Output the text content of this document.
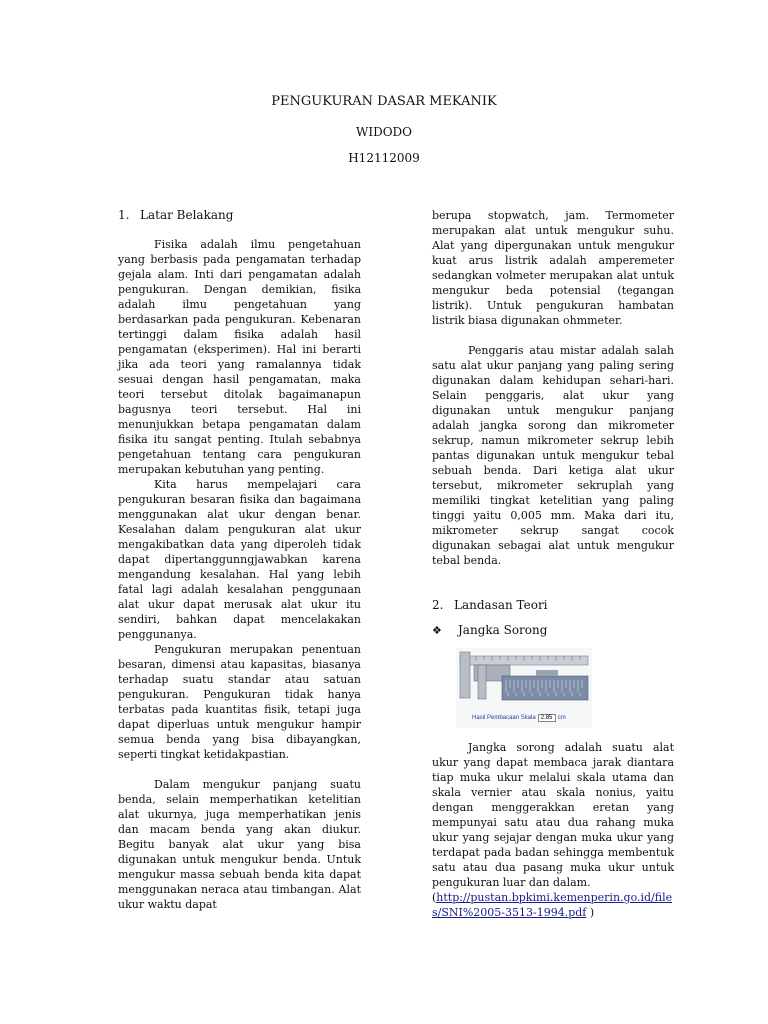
PENGUKURAN DASAR MEKANIK
WIDODO
H12112009
1. Latar Belakang

Fisika adalah ilmu pengetahuan yang berbasis pada pengamatan terhadap gejala alam. Inti dari pengamatan adalah pengukuran. Dengan demikian, fisika adalah ilmu pengetahuan yang berdasarkan pada pengukuran. Kebenaran tertinggi dalam fisika adalah hasil pengamatan (eksperimen). Hal ini berarti jika ada teori yang ramalannya tidak sesuai dengan hasil pengamatan, maka teori tersebut ditolak bagaimanapun bagusnya teori tersebut. Hal ini menunjukkan betapa pengamatan dalam fisika itu sangat penting. Itulah sebabnya pengetahuan tentang cara pengukuran merupakan kebutuhan yang penting.

Kita harus mempelajari cara pengukuran besaran fisika dan bagaimana menggunakan alat ukur dengan benar. Kesalahan dalam pengukuran alat ukur mengakibatkan data yang diperoleh tidak dapat dipertanggunngjawabkan karena mengandung kesalahan. Hal yang lebih fatal lagi adalah kesalahan penggunaan alat ukur dapat merusak alat ukur itu sendiri, bahkan dapat mencelakakan penggunanya.

Pengukuran merupakan penentuan besaran, dimensi atau kapasitas, biasanya terhadap suatu standar atau satuan pengukuran. Pengukuran tidak hanya terbatas pada kuantitas fisik, tetapi juga dapat diperluas untuk mengukur hampir semua benda yang bisa dibayangkan, seperti tingkat ketidakpastian.

Dalam mengukur panjang suatu benda, selain memperhatikan ketelitian alat ukurnya, juga memperhatikan jenis dan macam benda yang akan diukur. Begitu banyak alat ukur yang bisa digunakan untuk mengukur benda. Untuk mengukur massa sebuah benda kita dapat menggunakan neraca atau timbangan. Alat ukur waktu dapat

berupa stopwatch, jam. Termometer merupakan alat untuk mengukur suhu. Alat yang dipergunakan untuk mengukur kuat arus listrik adalah amperemeter sedangkan volmeter merupakan alat untuk mengukur beda potensial (tegangan listrik). Untuk pengukuran hambatan listrik biasa digunakan ohmmeter.

Penggaris atau mistar adalah salah satu alat ukur panjang yang paling sering digunakan dalam kehidupan sehari-hari. Selain penggaris, alat ukur yang digunakan untuk mengukur panjang adalah jangka sorong dan mikrometer sekrup, namun mikrometer sekrup lebih pantas digunakan untuk mengukur tebal sebuah benda. Dari ketiga alat ukur tersebut, mikrometer sekruplah yang memiliki tingkat ketelitian yang paling tinggi yaitu 0,005 mm. Maka dari itu, mikrometer sekrup sangat cocok digunakan sebagai alat untuk mengukur tebal benda.

2. Landasan Teori
❖	Jangka Sorong
Hasil Pembacaan Skala 2.85 cm

Jangka sorong adalah suatu alat ukur yang dapat membaca jarak diantara tiap muka ukur melalui skala utama dan skala vernier atau skala nonius, yaitu dengan menggerakkan eretan yang mempunyai satu atau dua rahang muka ukur yang sejajar dengan muka ukur yang terdapat pada badan sehingga membentuk satu atau dua pasang muka ukur untuk pengukuran luar dan dalam.

(http://pustan.bpkimi.kemenperin.go.id/files/SNI%2005-3513-1994.pdf )
